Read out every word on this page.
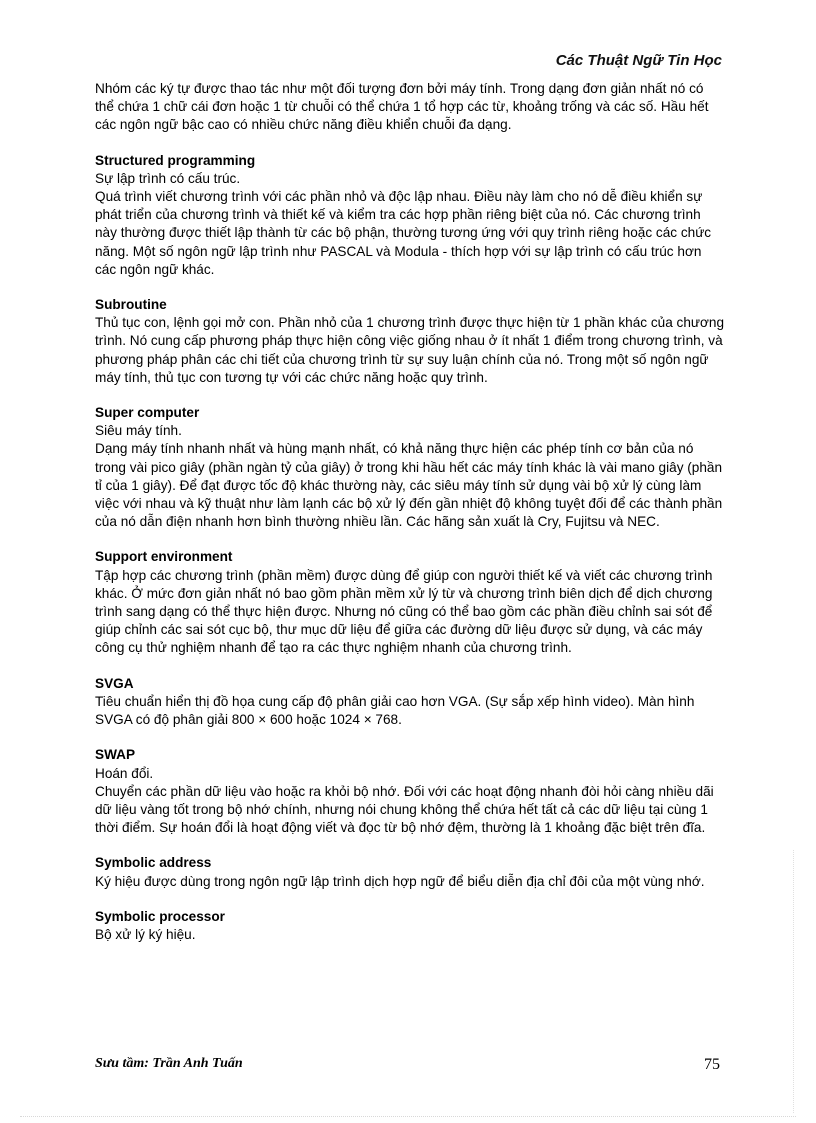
Các Thuật Ngữ Tin Học

Nhóm các ký tự được thao tác như một đối tượng đơn bởi máy tính. Trong dạng đơn giản nhất nó có thể chứa 1 chữ cái đơn hoặc 1 từ chuỗi có thể chứa 1 tổ hợp các từ, khoảng trống và các số. Hầu hết các ngôn ngữ bậc cao có nhiều chức năng điều khiển chuỗi đa dạng.

Structured programming

Sự lập trình có cấu trúc.

Quá trình viết chương trình với các phần nhỏ và độc lập nhau. Điều này làm cho nó dễ điều khiển sự phát triển của chương trình và thiết kế và kiểm tra các hợp phần riêng biệt của nó. Các chương trình này thường được thiết lập thành từ các bộ phận, thường tương ứng với quy trình riêng hoặc các chức năng. Một số ngôn ngữ lập trình như PASCAL và Modula - thích hợp với sự lập trình có cấu trúc hơn các ngôn ngữ khác.

Subroutine

Thủ tục con, lệnh gọi mở con. Phần nhỏ của 1 chương trình được thực hiện từ 1 phần khác của chương trình. Nó cung cấp phương pháp thực hiện công việc giống nhau ở ít nhất 1 điểm trong chương trình, và phương pháp phân các chi tiết của chương trình từ sự suy luận chính của nó. Trong một số ngôn ngữ máy tính, thủ tục con tương tự với các chức năng hoặc quy trình.

Super computer

Siêu máy tính.

Dạng máy tính nhanh nhất và hùng mạnh nhất, có khả năng thực hiện các phép tính cơ bản của nó trong vài pico giây (phần ngàn tỷ của giây) ở trong khi hầu hết các máy tính khác là vài mano giây (phần tỉ của 1 giây). Để đạt được tốc độ khác thường này, các siêu máy tính sử dụng vài bộ xử lý cùng làm việc với nhau và kỹ thuật như làm lạnh các bộ xử lý đến gần nhiệt độ không tuyệt đối để các thành phần của nó dẫn điện nhanh hơn bình thường nhiều lần. Các hãng sản xuất là Cry, Fujitsu và NEC.

Support environment

Tập hợp các chương trình (phần mềm) được dùng để giúp con người thiết kế và viết các chương trình khác. Ở mức đơn giản nhất nó bao gồm phần mềm xử lý từ và chương trình biên dịch để dịch chương trình sang dạng có thể thực hiện được. Nhưng nó cũng có thể bao gồm các phần điều chỉnh sai sót để giúp chỉnh các sai sót cục bộ, thư mục dữ liệu để giữa các đường dữ liệu được sử dụng, và các máy công cụ thử nghiệm nhanh để tạo ra các thực nghiệm nhanh của chương trình.

SVGA

Tiêu chuẩn hiển thị đồ họa cung cấp độ phân giải cao hơn VGA. (Sự sắp xếp hình video). Màn hình SVGA có độ phân giải 800 × 600 hoặc 1024 × 768.

SWAP

Hoán đổi.

Chuyển các phần dữ liệu vào hoặc ra khỏi bộ nhớ. Đối với các hoạt động nhanh đòi hỏi càng nhiều dãi dữ liệu vàng tốt trong bộ nhớ chính, nhưng nói chung không thể chứa hết tất cả các dữ liệu tại cùng 1 thời điểm. Sự hoán đổi là hoạt động viết và đọc từ bộ nhớ đệm, thường là 1 khoảng đặc biệt trên đĩa.

Symbolic address

Ký hiệu được dùng trong ngôn ngữ lập trình dịch hợp ngữ để biểu diễn địa chỉ đôi của một vùng nhớ.

Symbolic processor

Bộ xử lý ký hiệu.

Sưu tầm: Trần Anh Tuấn	75
